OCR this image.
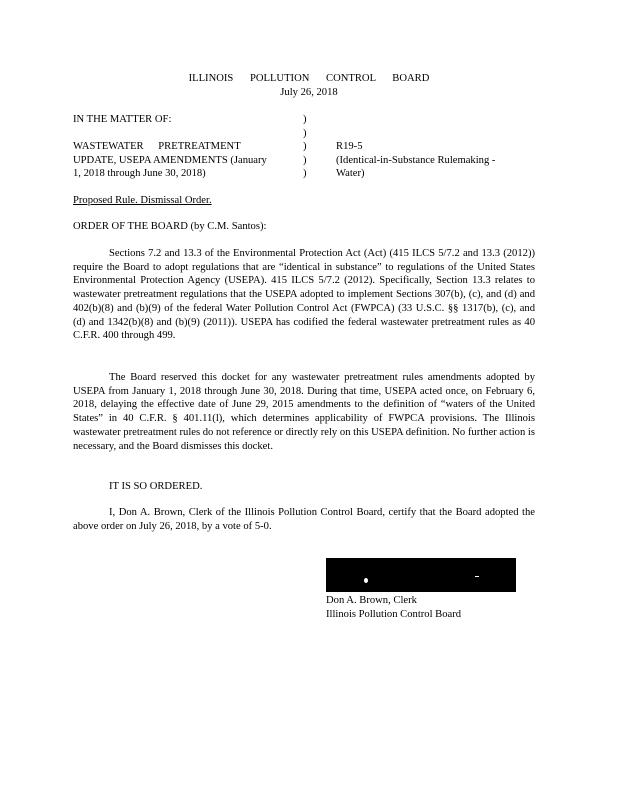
ILLINOIS POLLUTION CONTROL BOARD
July 26, 2018
IN THE MATTER OF:	)
)
)
)
)
WASTEWATER PRETREATMENT
UPDATE, USEPA AMENDMENTS (January
1, 2018 through June 30, 2018)
R19-5
(Identical-in-Substance Rulemaking -
Water)
Proposed Rule. Dismissal Order.
ORDER OF THE BOARD (by C.M. Santos):
Sections 7.2 and 13.3 of the Environmental Protection Act (Act) (415 ILCS 5/7.2 and 13.3 (2012)) require the Board to adopt regulations that are “identical in substance” to regulations of the United States Environmental Protection Agency (USEPA). 415 ILCS 5/7.2 (2012). Specifically, Section 13.3 relates to wastewater pretreatment regulations that the USEPA adopted to implement Sections 307(b), (c), and (d) and 402(b)(8) and (b)(9) of the federal Water Pollution Control Act (FWPCA) (33 U.S.C. §§ 1317(b), (c), and (d) and 1342(b)(8) and (b)(9) (2011)). USEPA has codified the federal wastewater pretreatment rules as 40 C.F.R. 400 through 499.
The Board reserved this docket for any wastewater pretreatment rules amendments adopted by USEPA from January 1, 2018 through June 30, 2018. During that time, USEPA acted once, on February 6, 2018, delaying the effective date of June 29, 2015 amendments to the definition of “waters of the United States” in 40 C.F.R. § 401.11(l), which determines applicability of FWPCA provisions. The Illinois wastewater pretreatment rules do not reference or directly rely on this USEPA definition. No further action is necessary, and the Board dismisses this docket.
IT IS SO ORDERED.
I, Don A. Brown, Clerk of the Illinois Pollution Control Board, certify that the Board adopted the above order on July 26, 2018, by a vote of 5-0.
Don A. Brown, Clerk
Illinois Pollution Control Board
